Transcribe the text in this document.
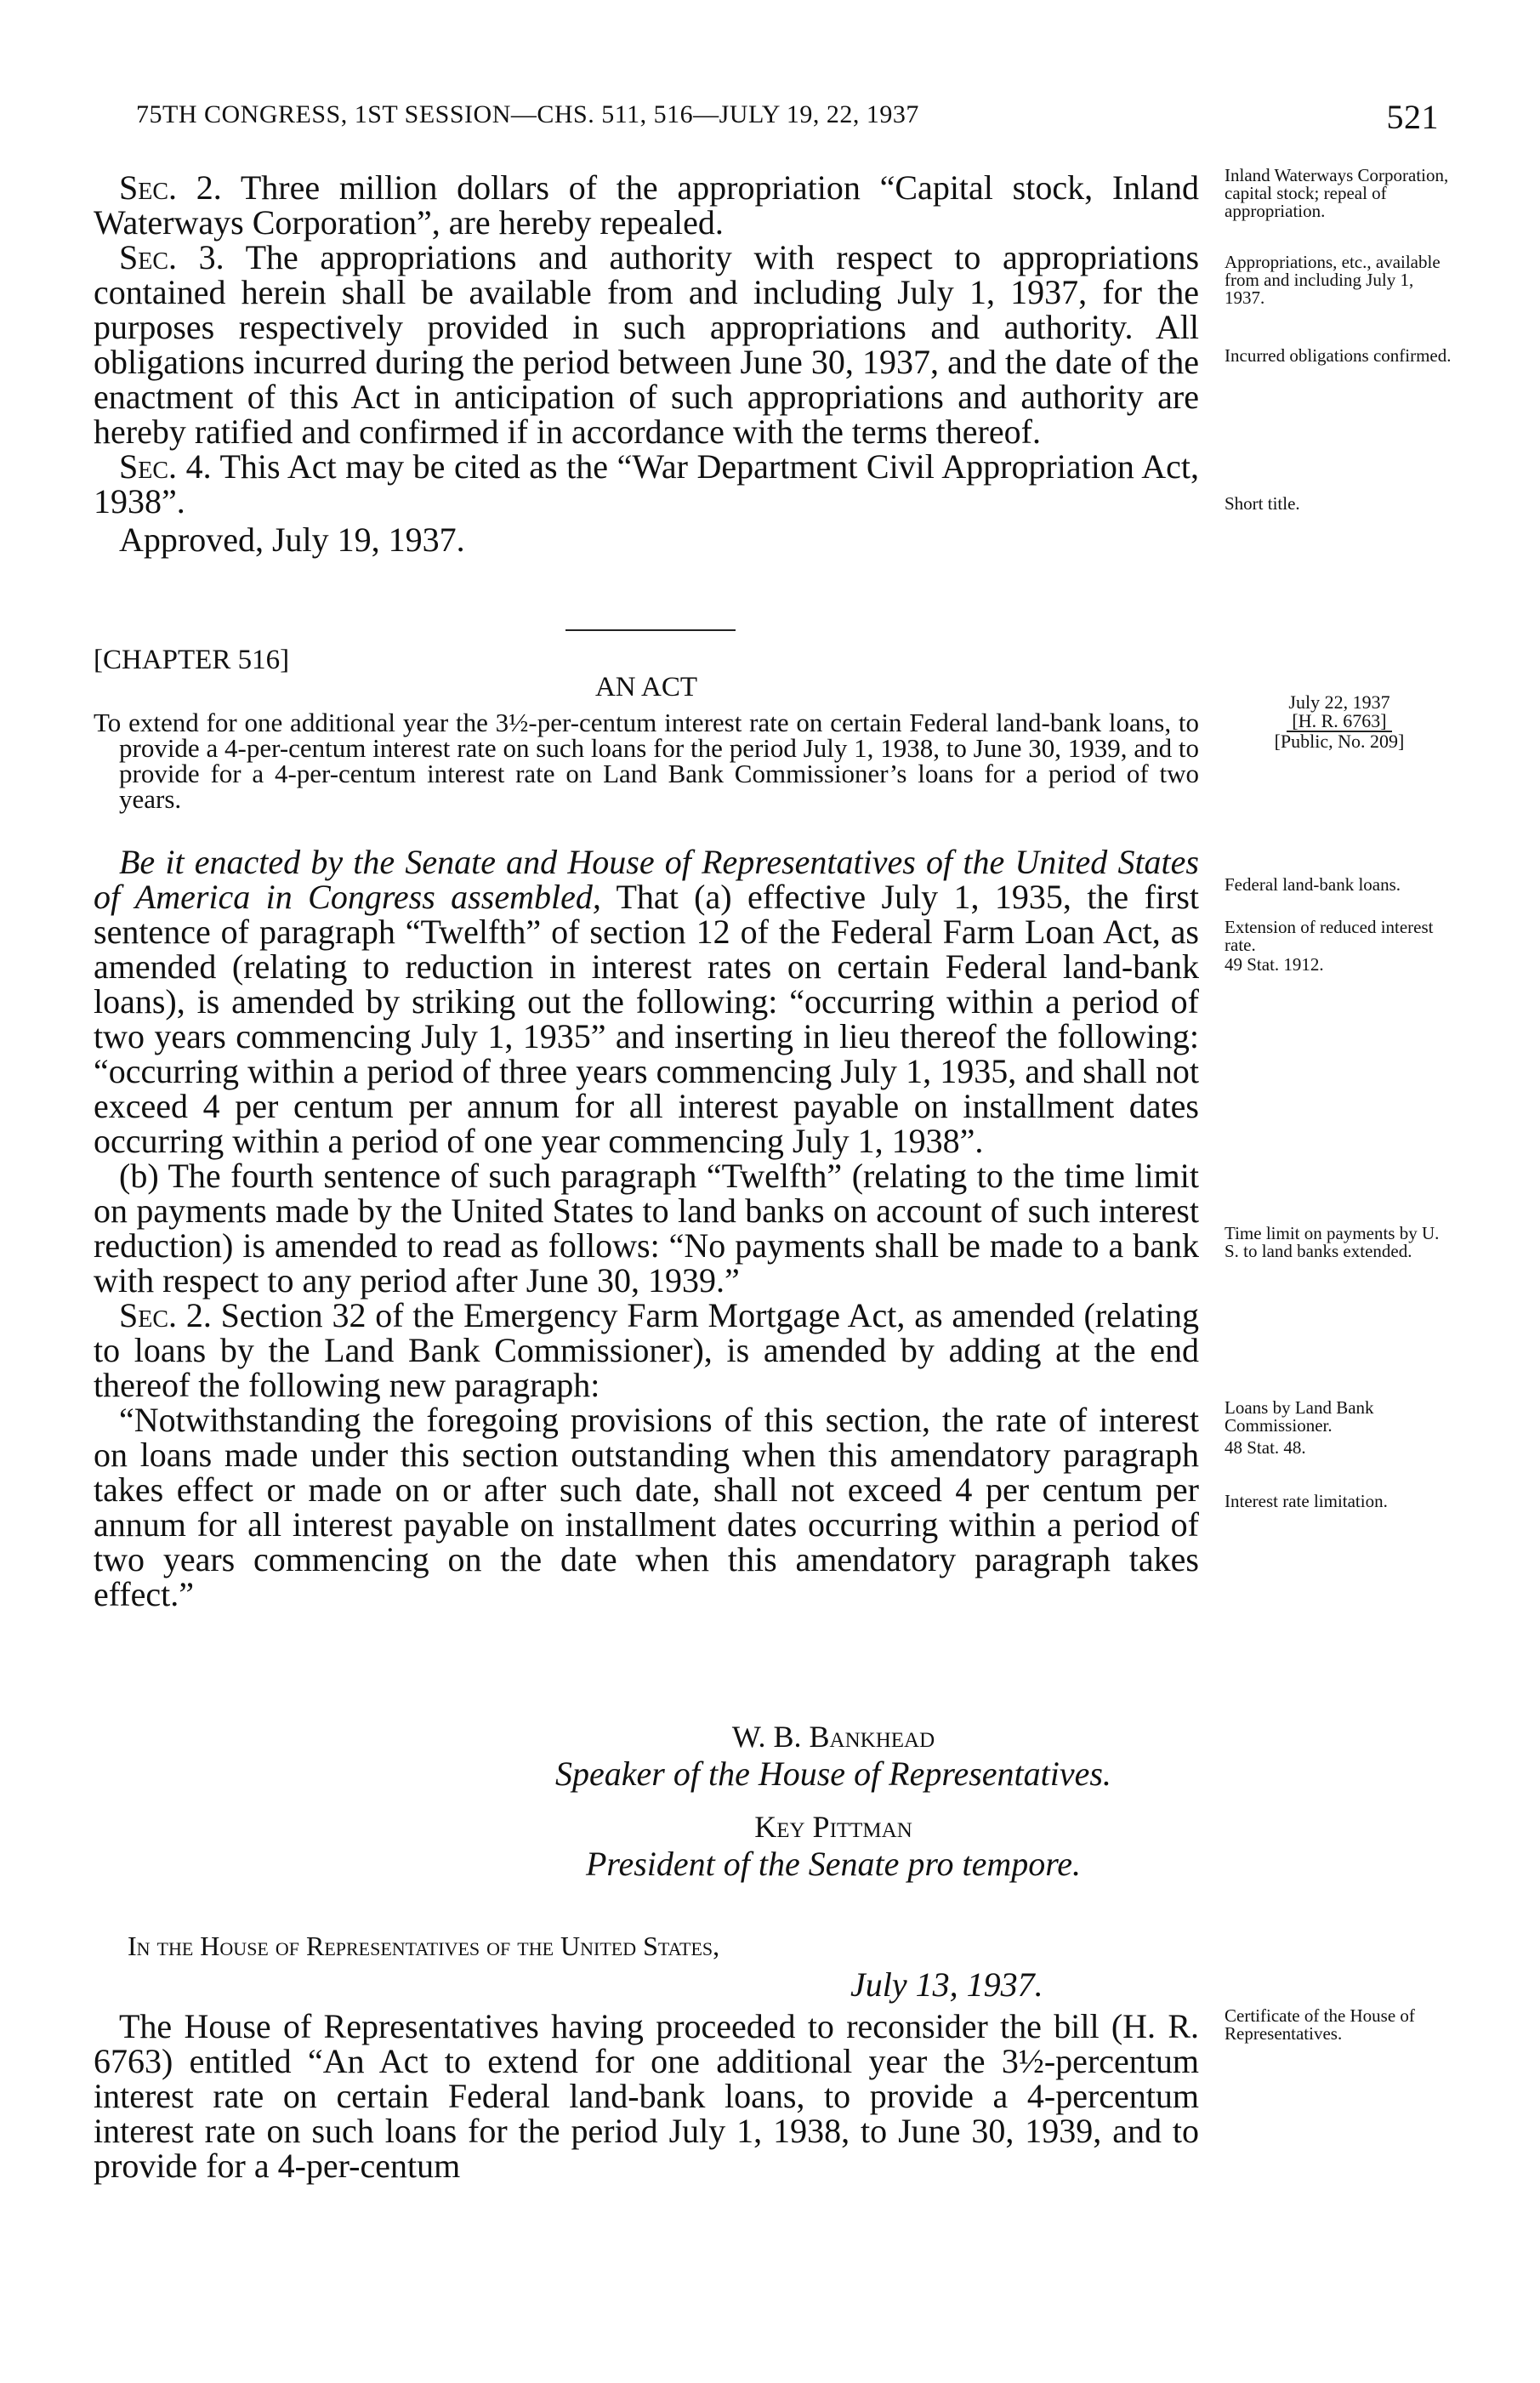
75TH CONGRESS, 1ST SESSION—CHS. 511, 516—JULY 19, 22, 1937	521

Sec. 2. Three million dollars of the appropriation “Capital stock, Inland Waterways Corporation”, are hereby repealed.

Sec. 3. The appropriations and authority with respect to appropriations contained herein shall be available from and including July 1, 1937, for the purposes respectively provided in such appropriations and authority. All obligations incurred during the period between June 30, 1937, and the date of the enactment of this Act in anticipation of such appropriations and authority are hereby ratified and confirmed if in accordance with the terms thereof.

Sec. 4. This Act may be cited as the “War Department Civil Appropriation Act, 1938”.

Approved, July 19, 1937.

[CHAPTER 516]
AN ACT	July 22, 1937
[H. R. 6763]
[Public, No. 209]

To extend for one additional year the 3½-per-centum interest rate on certain Federal land-bank loans, to provide a 4-per-centum interest rate on such loans for the period July 1, 1938, to June 30, 1939, and to provide for a 4-per-centum interest rate on Land Bank Commissioner’s loans for a period of two years.

Be it enacted by the Senate and House of Representatives of the United States of America in Congress assembled, That (a) effective July 1, 1935, the first sentence of paragraph “Twelfth” of section 12 of the Federal Farm Loan Act, as amended (relating to reduction in interest rates on certain Federal land-bank loans), is amended by striking out the following: “occurring within a period of two years commencing July 1, 1935” and inserting in lieu thereof the following: “occurring within a period of three years commencing July 1, 1935, and shall not exceed 4 per centum per annum for all interest payable on installment dates occurring within a period of one year commencing July 1, 1938”.

(b) The fourth sentence of such paragraph “Twelfth” (relating to the time limit on payments made by the United States to land banks on account of such interest reduction) is amended to read as follows: “No payments shall be made to a bank with respect to any period after June 30, 1939.”

Sec. 2. Section 32 of the Emergency Farm Mortgage Act, as amended (relating to loans by the Land Bank Commissioner), is amended by adding at the end thereof the following new paragraph:

“Notwithstanding the foregoing provisions of this section, the rate of interest on loans made under this section outstanding when this amendatory paragraph takes effect or made on or after such date, shall not exceed 4 per centum per annum for all interest payable on installment dates occurring within a period of two years commencing on the date when this amendatory paragraph takes effect.”

W. B. Bankhead
Speaker of the House of Representatives.
Key Pittman
President of the Senate pro tempore.
In the House of Representatives of the United States,
July 13, 1937.

The House of Representatives having proceeded to reconsider the bill (H. R. 6763) entitled “An Act to extend for one additional year the 3½-percentum interest rate on certain Federal land-bank loans, to provide a 4-percentum interest rate on such loans for the period July 1, 1938, to June 30, 1939, and to provide for a 4-per-centum

Inland Waterways Corporation, capital stock; repeal of appropriation.
Appropriations, etc., available from and including July 1, 1937.
Incurred obligations confirmed.
Short title.
Federal land-bank loans.
Extension of reduced interest rate.
49 Stat. 1912.
Time limit on payments by U. S. to land banks extended.
Loans by Land Bank Commissioner.
48 Stat. 48.
Interest rate limitation.
Certificate of the House of Representatives.
